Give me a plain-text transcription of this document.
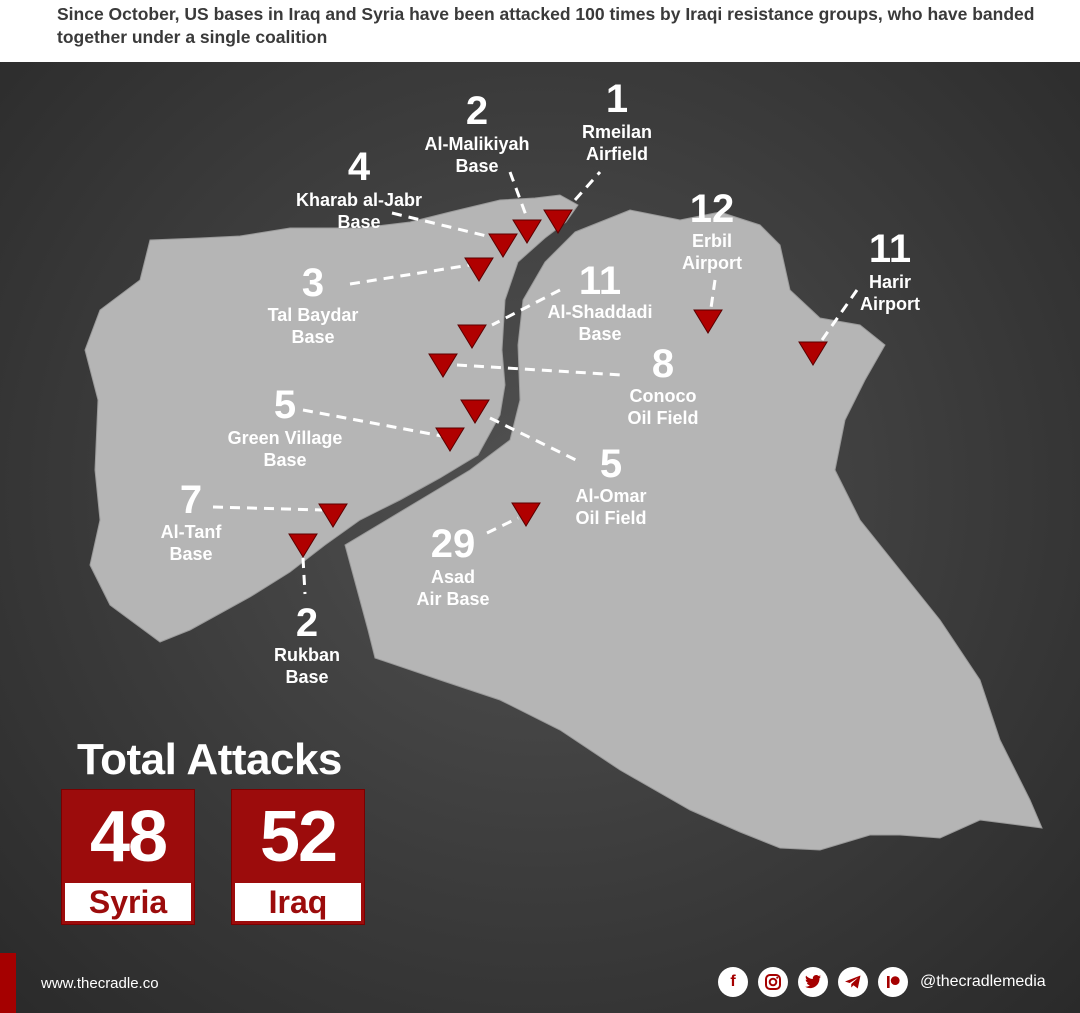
Since October, US bases in Iraq and Syria have been attacked 100 times by Iraqi resistance groups, who have banded together under a single coalition
1
Rmeilan
Airfield
2
Al-Malikiyah
Base
4
Kharab al-Jabr
Base
3
Tal Baydar
Base
11
Al-Shaddadi
Base
8
Conoco
Oil Field
5
Green Village
Base	5
Al-Omar
Oil Field
7
Al-Tanf
Base
2
Rukban
Base
29
Asad
Air Base
12
Erbil
Airport	11
Harir
Airport
Total Attacks
48
Syria
52
Iraq
www.thecradle.co	f	@thecradlemedia
